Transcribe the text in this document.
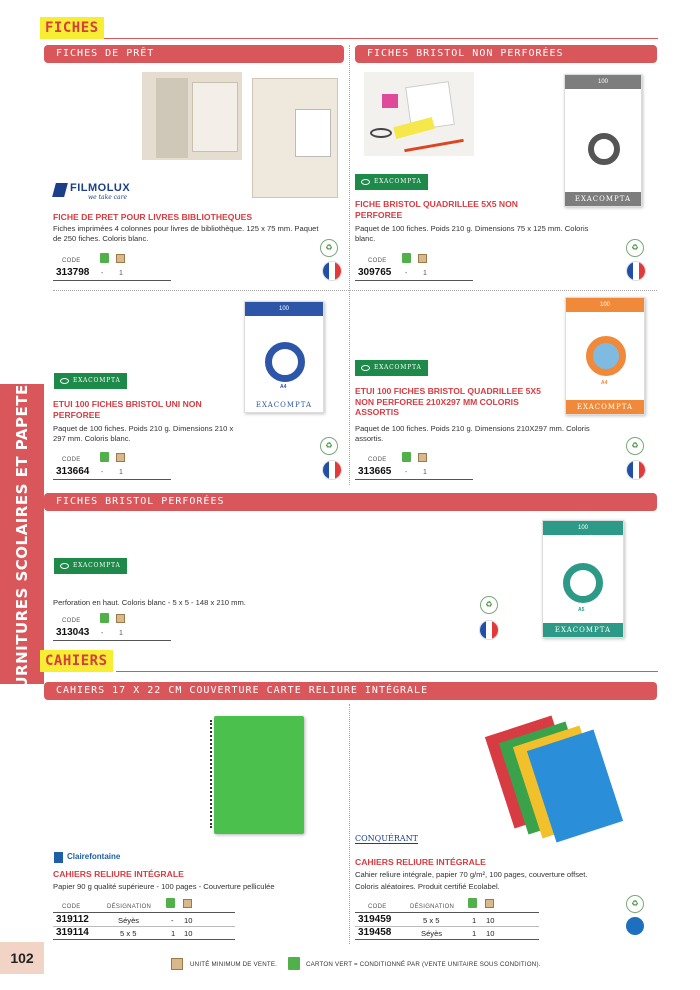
FOURNITURES SCOLAIRES ET PAPETERIE
102
FICHES
FICHES DE PRÊT	FICHES BRISTOL NON PERFORÉES
FILMOLUX
we take care
FICHE DE PRET POUR LIVRES BIBLIOTHEQUES
Fiches imprimées 4 colonnes pour livres de bibliothèque. 125 x 75 mm. Paquet de 250 fiches. Coloris blanc.
CODE
313798 - 1
♻
100
EXACOMPTA
EXACOMPTA
FICHE BRISTOL QUADRILLEE 5X5 NON PERFOREE
Paquet de 100 fiches. Poids 210 g. Dimensions 75 x 125 mm. Coloris blanc.
CODE
309765 - 1
♻
100
A4
EXACOMPTA
EXACOMPTA
ETUI 100 FICHES BRISTOL UNI NON PERFOREE
Paquet de 100 fiches. Poids 210 g. Dimensions 210 x 297 mm. Coloris blanc.
CODE
313664 - 1
♻
100
A4
EXACOMPTA
EXACOMPTA
ETUI 100 FICHES BRISTOL QUADRILLEE 5X5 NON PERFOREE 210X297 MM COLORIS ASSORTIS
Paquet de 100 fiches. Poids 210 g. Dimensions 210X297 mm. Coloris assortis.
CODE
313665 - 1
♻
FICHES BRISTOL PERFORÉES
100
A5
EXACOMPTA
EXACOMPTA
Perforation en haut. Coloris blanc - 5 x 5 - 148 x 210 mm.
CODE
313043 - 1
♻
CAHIERS
CAHIERS 17 X 22 CM COUVERTURE CARTE RELIURE INTÉGRALE
Clairefontaine
CONQUÉRANT
CAHIERS RELIURE INTÉGRALE
Papier 90 g qualité supérieure - 100 pages - Couverture pelliculée
CODE	DÉSIGNATION
319112	Séyès	- 10
319114	5 x 5	1 10
CAHIERS RELIURE INTÉGRALE
Cahier reliure intégrale, papier 70 g/m², 100 pages, couverture offset.
Coloris aléatoires. Produit certifié Ecolabel.
CODE	DÉSIGNATION
319459	5 x 5	1 10
319458	Séyès	1 10
♻
UNITÉ MINIMUM DE VENTE.	CARTON VERT = CONDITIONNÉ PAR (VENTE UNITAIRE SOUS CONDITION).
